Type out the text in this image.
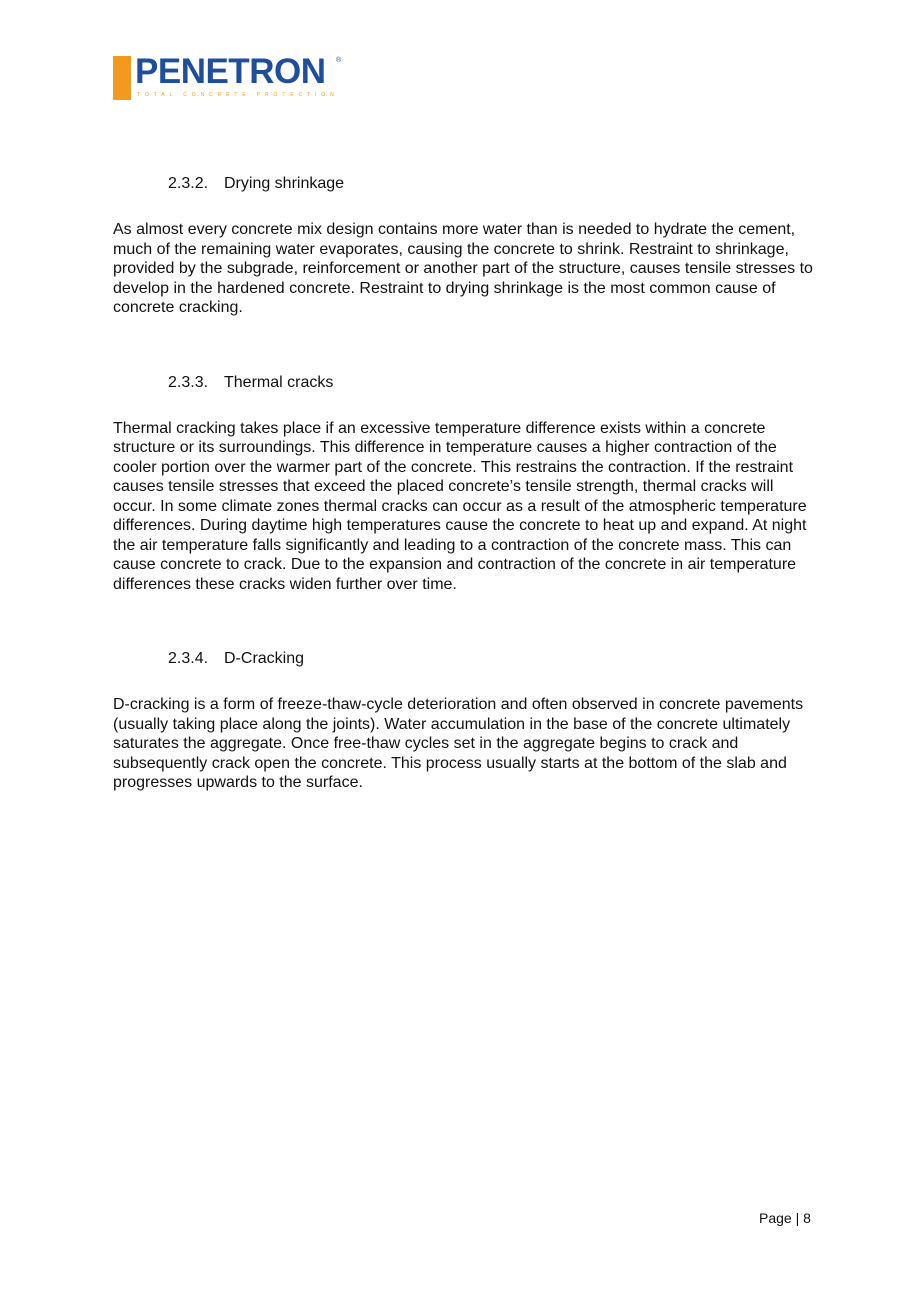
PENETRON
TOTAL CONCRETE PROTECTION
®
2.3.2. Drying shrinkage

As almost every concrete mix design contains more water than is needed to hydrate the cement, much of the remaining water evaporates, causing the concrete to shrink. Restraint to shrinkage, provided by the subgrade, reinforcement or another part of the structure, causes tensile stresses to develop in the hardened concrete. Restraint to drying shrinkage is the most common cause of concrete cracking.

2.3.3. Thermal cracks

Thermal cracking takes place if an excessive temperature difference exists within a concrete structure or its surroundings. This difference in temperature causes a higher contraction of the cooler portion over the warmer part of the concrete. This restrains the contraction. If the restraint causes tensile stresses that exceed the placed concrete’s tensile strength, thermal cracks will occur. In some climate zones thermal cracks can occur as a result of the atmospheric temperature differences. During daytime high temperatures cause the concrete to heat up and expand. At night the air temperature falls significantly and leading to a contraction of the concrete mass. This can cause concrete to crack. Due to the expansion and contraction of the concrete in air temperature differences these cracks widen further over time.

2.3.4. D-Cracking

D-cracking is a form of freeze-thaw-cycle deterioration and often observed in concrete pavements (usually taking place along the joints). Water accumulation in the base of the concrete ultimately saturates the aggregate. Once free-thaw cycles set in the aggregate begins to crack and subsequently crack open the concrete. This process usually starts at the bottom of the slab and progresses upwards to the surface.

Page | 8
